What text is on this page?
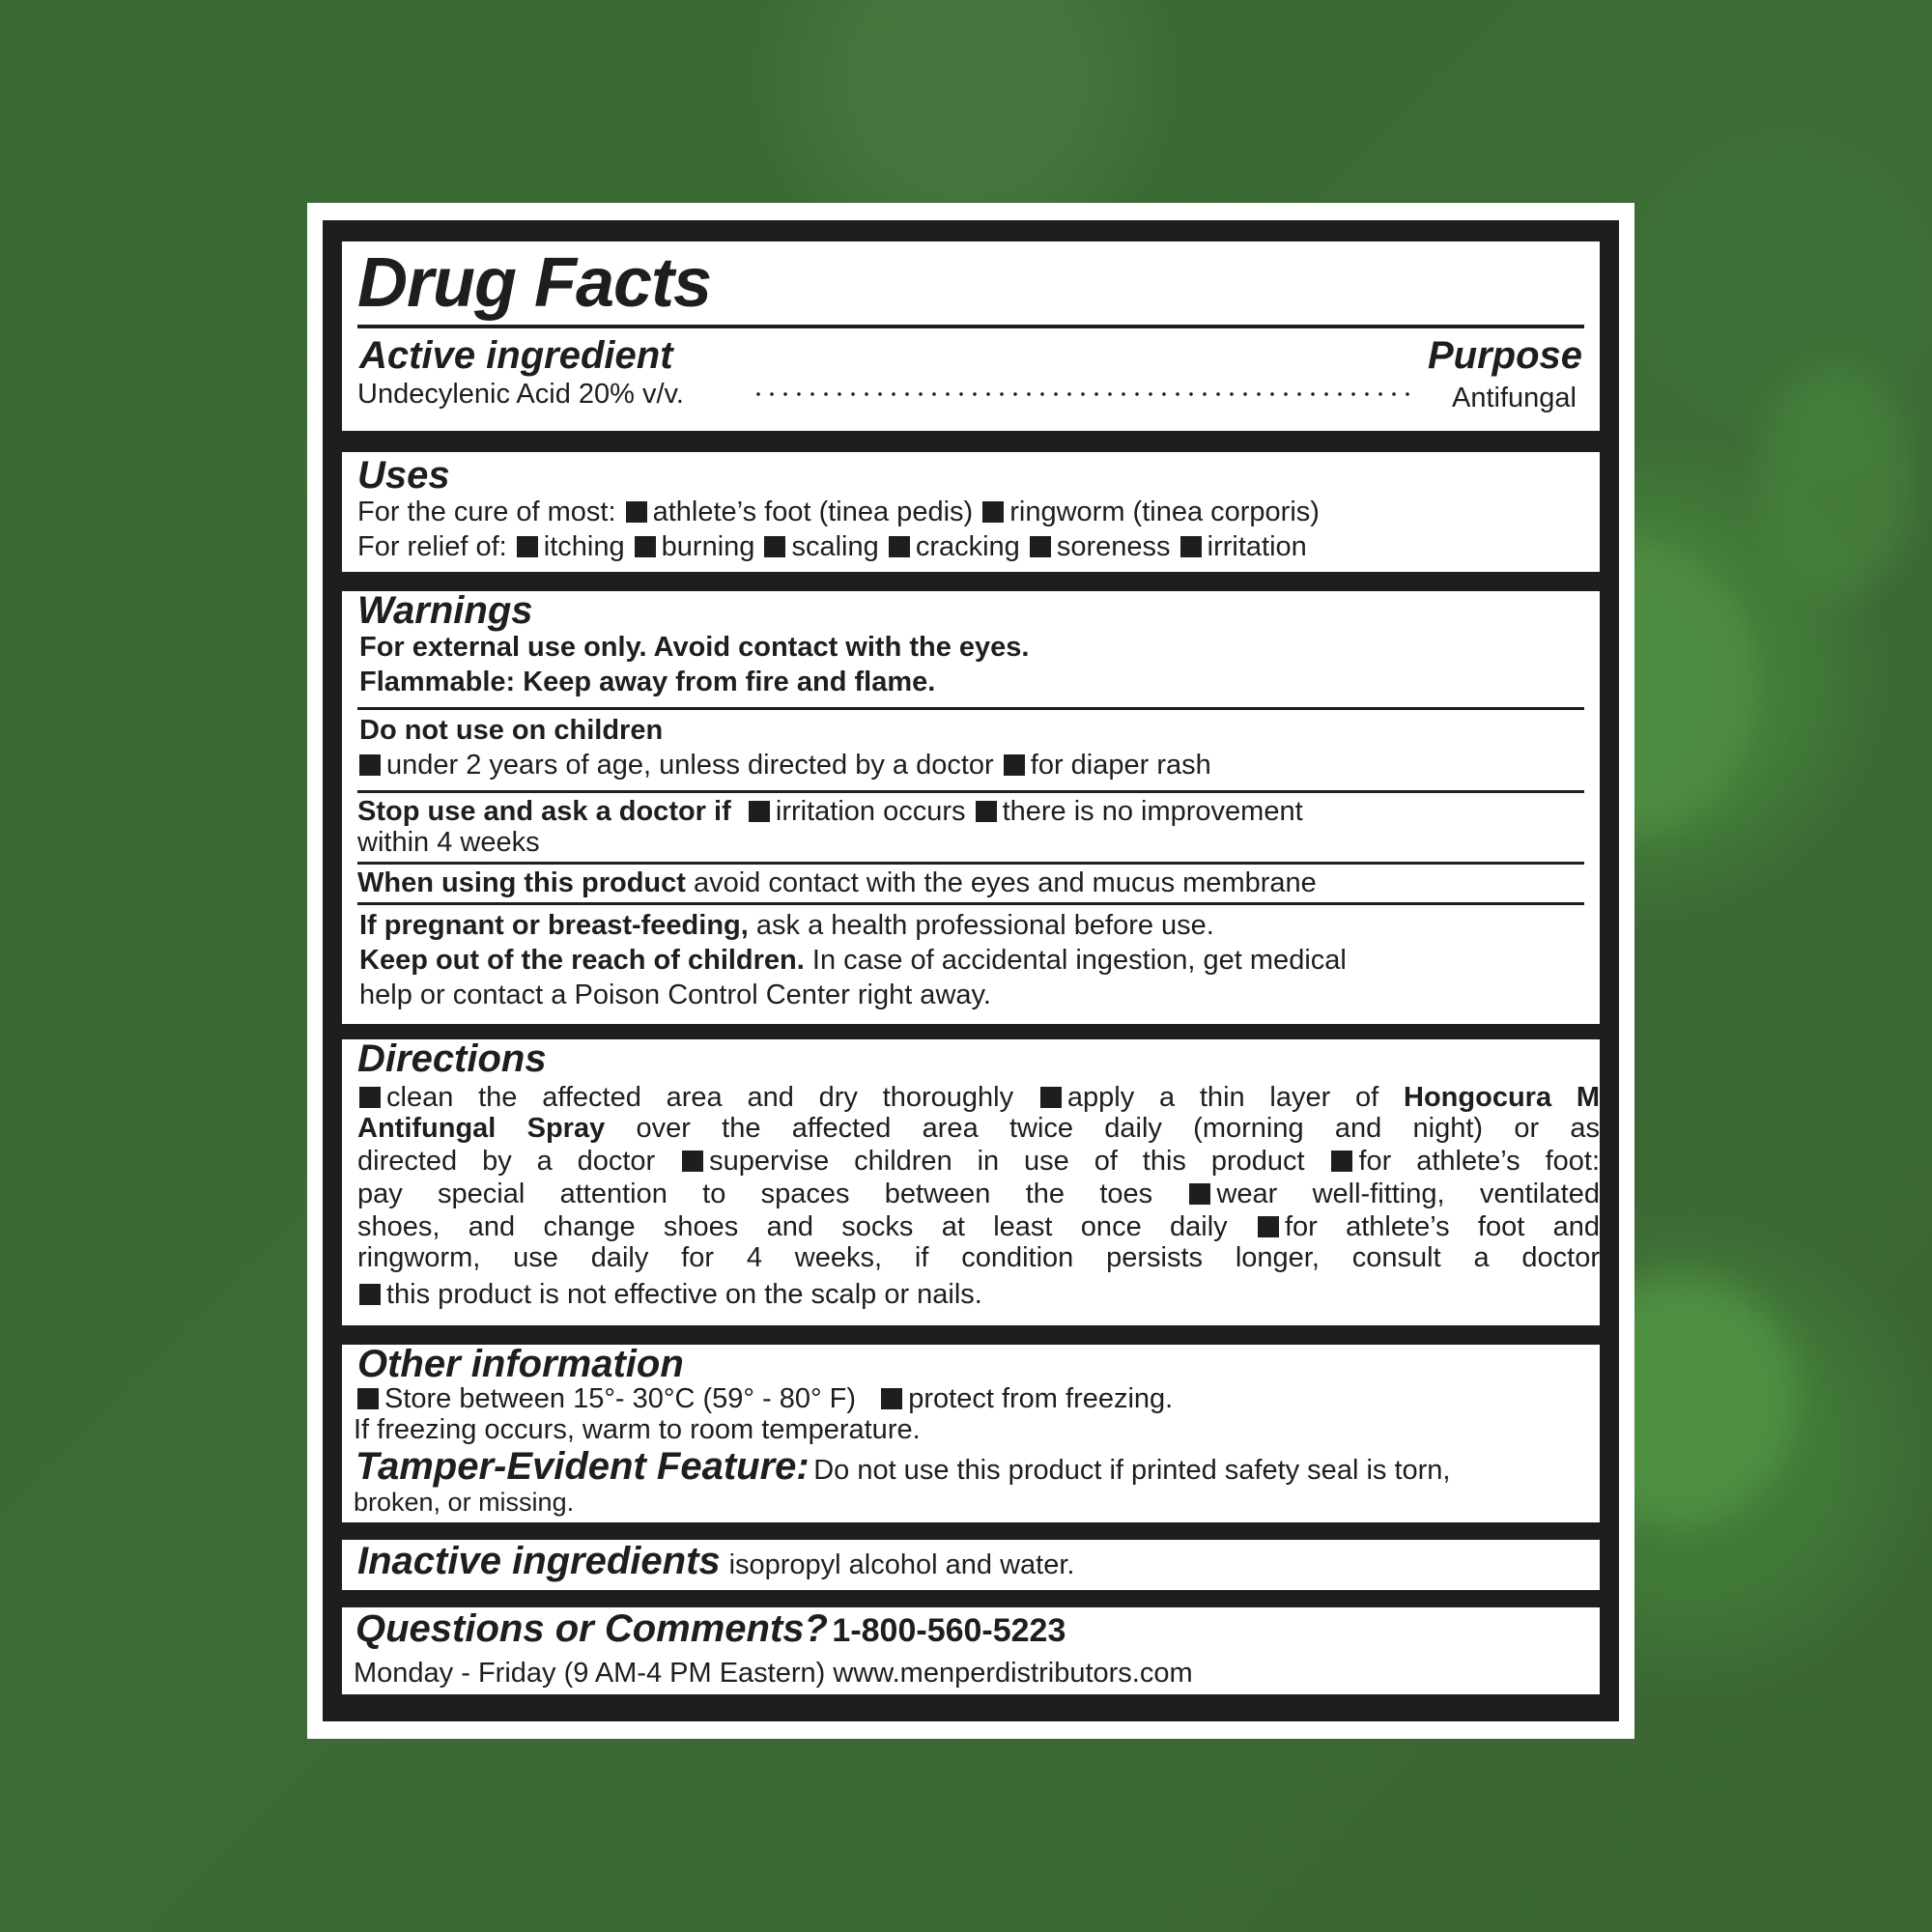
Drug Facts
Active ingredient	Purpose
Undecylenic Acid 20% v/v.	Antifungal
Uses
For the cure of most: athlete’s foot (tinea pedis) ringworm (tinea corporis)
For relief of: itching burning scaling cracking soreness irritation
Warnings
For external use only. Avoid contact with the eyes.
Flammable: Keep away from fire and flame.
Do not use on children
under 2 years of age, unless directed by a doctor for diaper rash
Stop use and ask a doctor if irritation occurs there is no improvement
within 4 weeks
When using this product avoid contact with the eyes and mucus membrane
If pregnant or breast-feeding, ask a health professional before use.
Keep out of the reach of children. In case of accidental ingestion, get medical
help or contact a Poison Control Center right away.
Directions
clean the affected area and dry thoroughly apply a thin layer of Hongocura M
Antifungal Spray over the affected area twice daily (morning and night) or as
directed by a doctor supervise children in use of this product for athlete’s foot:
pay special attention to spaces between the toes wear well-fitting, ventilated
shoes, and change shoes and socks at least once daily for athlete’s foot and
ringworm, use daily for 4 weeks, if condition persists longer, consult a doctor
this product is not effective on the scalp or nails.
Other information
Store between 15°- 30°C (59° - 80° F) protect from freezing.
If freezing occurs, warm to room temperature.
Tamper-Evident Feature: Do not use this product if printed safety seal is torn,
broken, or missing.
Inactive ingredients isopropyl alcohol and water.
Questions or Comments? 1-800-560-5223
Monday - Friday (9 AM-4 PM Eastern) www.menperdistributors.com
